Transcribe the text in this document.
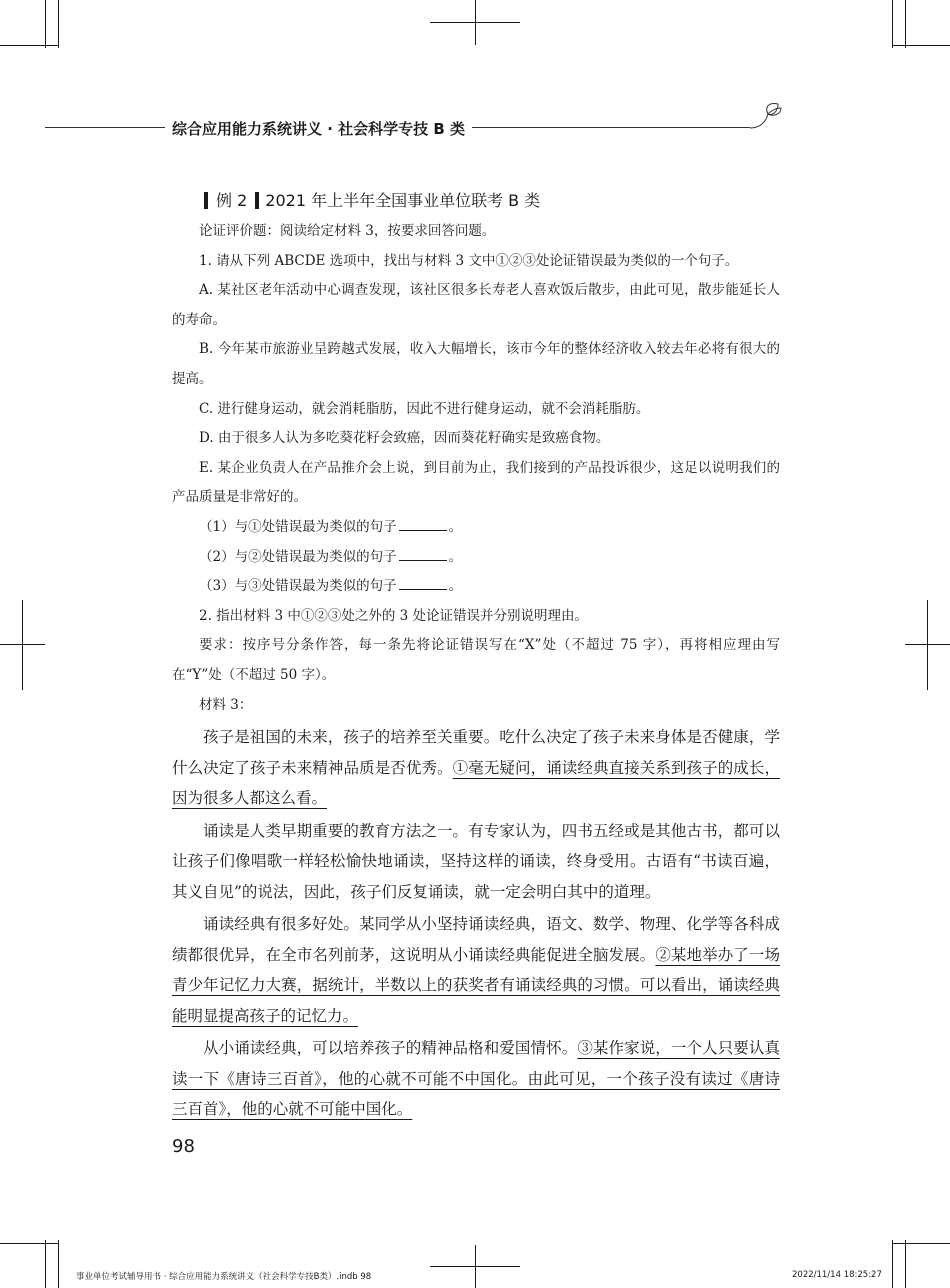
综合应用能力系统讲义 · 社会科学专技 B 类
例 2 2021 年上半年全国事业单位联考 B 类

论证评价题：阅读给定材料 3，按要求回答问题。

1. 请从下列 ABCDE 选项中，找出与材料 3 文中①②③处论证错误最为类似的一个句子。

A. 某社区老年活动中心调查发现，该社区很多长寿老人喜欢饭后散步，由此可见，散步能延长人的寿命。

B. 今年某市旅游业呈跨越式发展，收入大幅增长，该市今年的整体经济收入较去年必将有很大的提高。

C. 进行健身运动，就会消耗脂肪，因此不进行健身运动，就不会消耗脂肪。

D. 由于很多人认为多吃葵花籽会致癌，因而葵花籽确实是致癌食物。

E. 某企业负责人在产品推介会上说，到目前为止，我们接到的产品投诉很少，这足以说明我们的产品质量是非常好的。

（1）与①处错误最为类似的句子	。

（2）与②处错误最为类似的句子	。

（3）与③处错误最为类似的句子	。

2. 指出材料 3 中①②③处之外的 3 处论证错误并分别说明理由。

要求：按序号分条作答，每一条先将论证错误写在“X”处（不超过 75 字），再将相应理由写在“Y”处（不超过 50 字）。

材料 3：

孩子是祖国的未来，孩子的培养至关重要。吃什么决定了孩子未来身体是否健康，学什么决定了孩子未来精神品质是否优秀。①毫无疑问，诵读经典直接关系到孩子的成长，因为很多人都这么看。

诵读是人类早期重要的教育方法之一。有专家认为，四书五经或是其他古书，都可以让孩子们像唱歌一样轻松愉快地诵读，坚持这样的诵读，终身受用。古语有“书读百遍，其义自见”的说法，因此，孩子们反复诵读，就一定会明白其中的道理。

诵读经典有很多好处。某同学从小坚持诵读经典，语文、数学、物理、化学等各科成绩都很优异，在全市名列前茅，这说明从小诵读经典能促进全脑发展。②某地举办了一场青少年记忆力大赛，据统计，半数以上的获奖者有诵读经典的习惯。可以看出，诵读经典能明显提高孩子的记忆力。

从小诵读经典，可以培养孩子的精神品格和爱国情怀。③某作家说，一个人只要认真读一下《唐诗三百首》，他的心就不可能不中国化。由此可见，一个孩子没有读过《唐诗三百首》，他的心就不可能中国化。

98
事业单位考试辅导用书 · 综合应用能力系统讲义（社会科学专技B类）.indb 98	2022/11/14 18:25:27
